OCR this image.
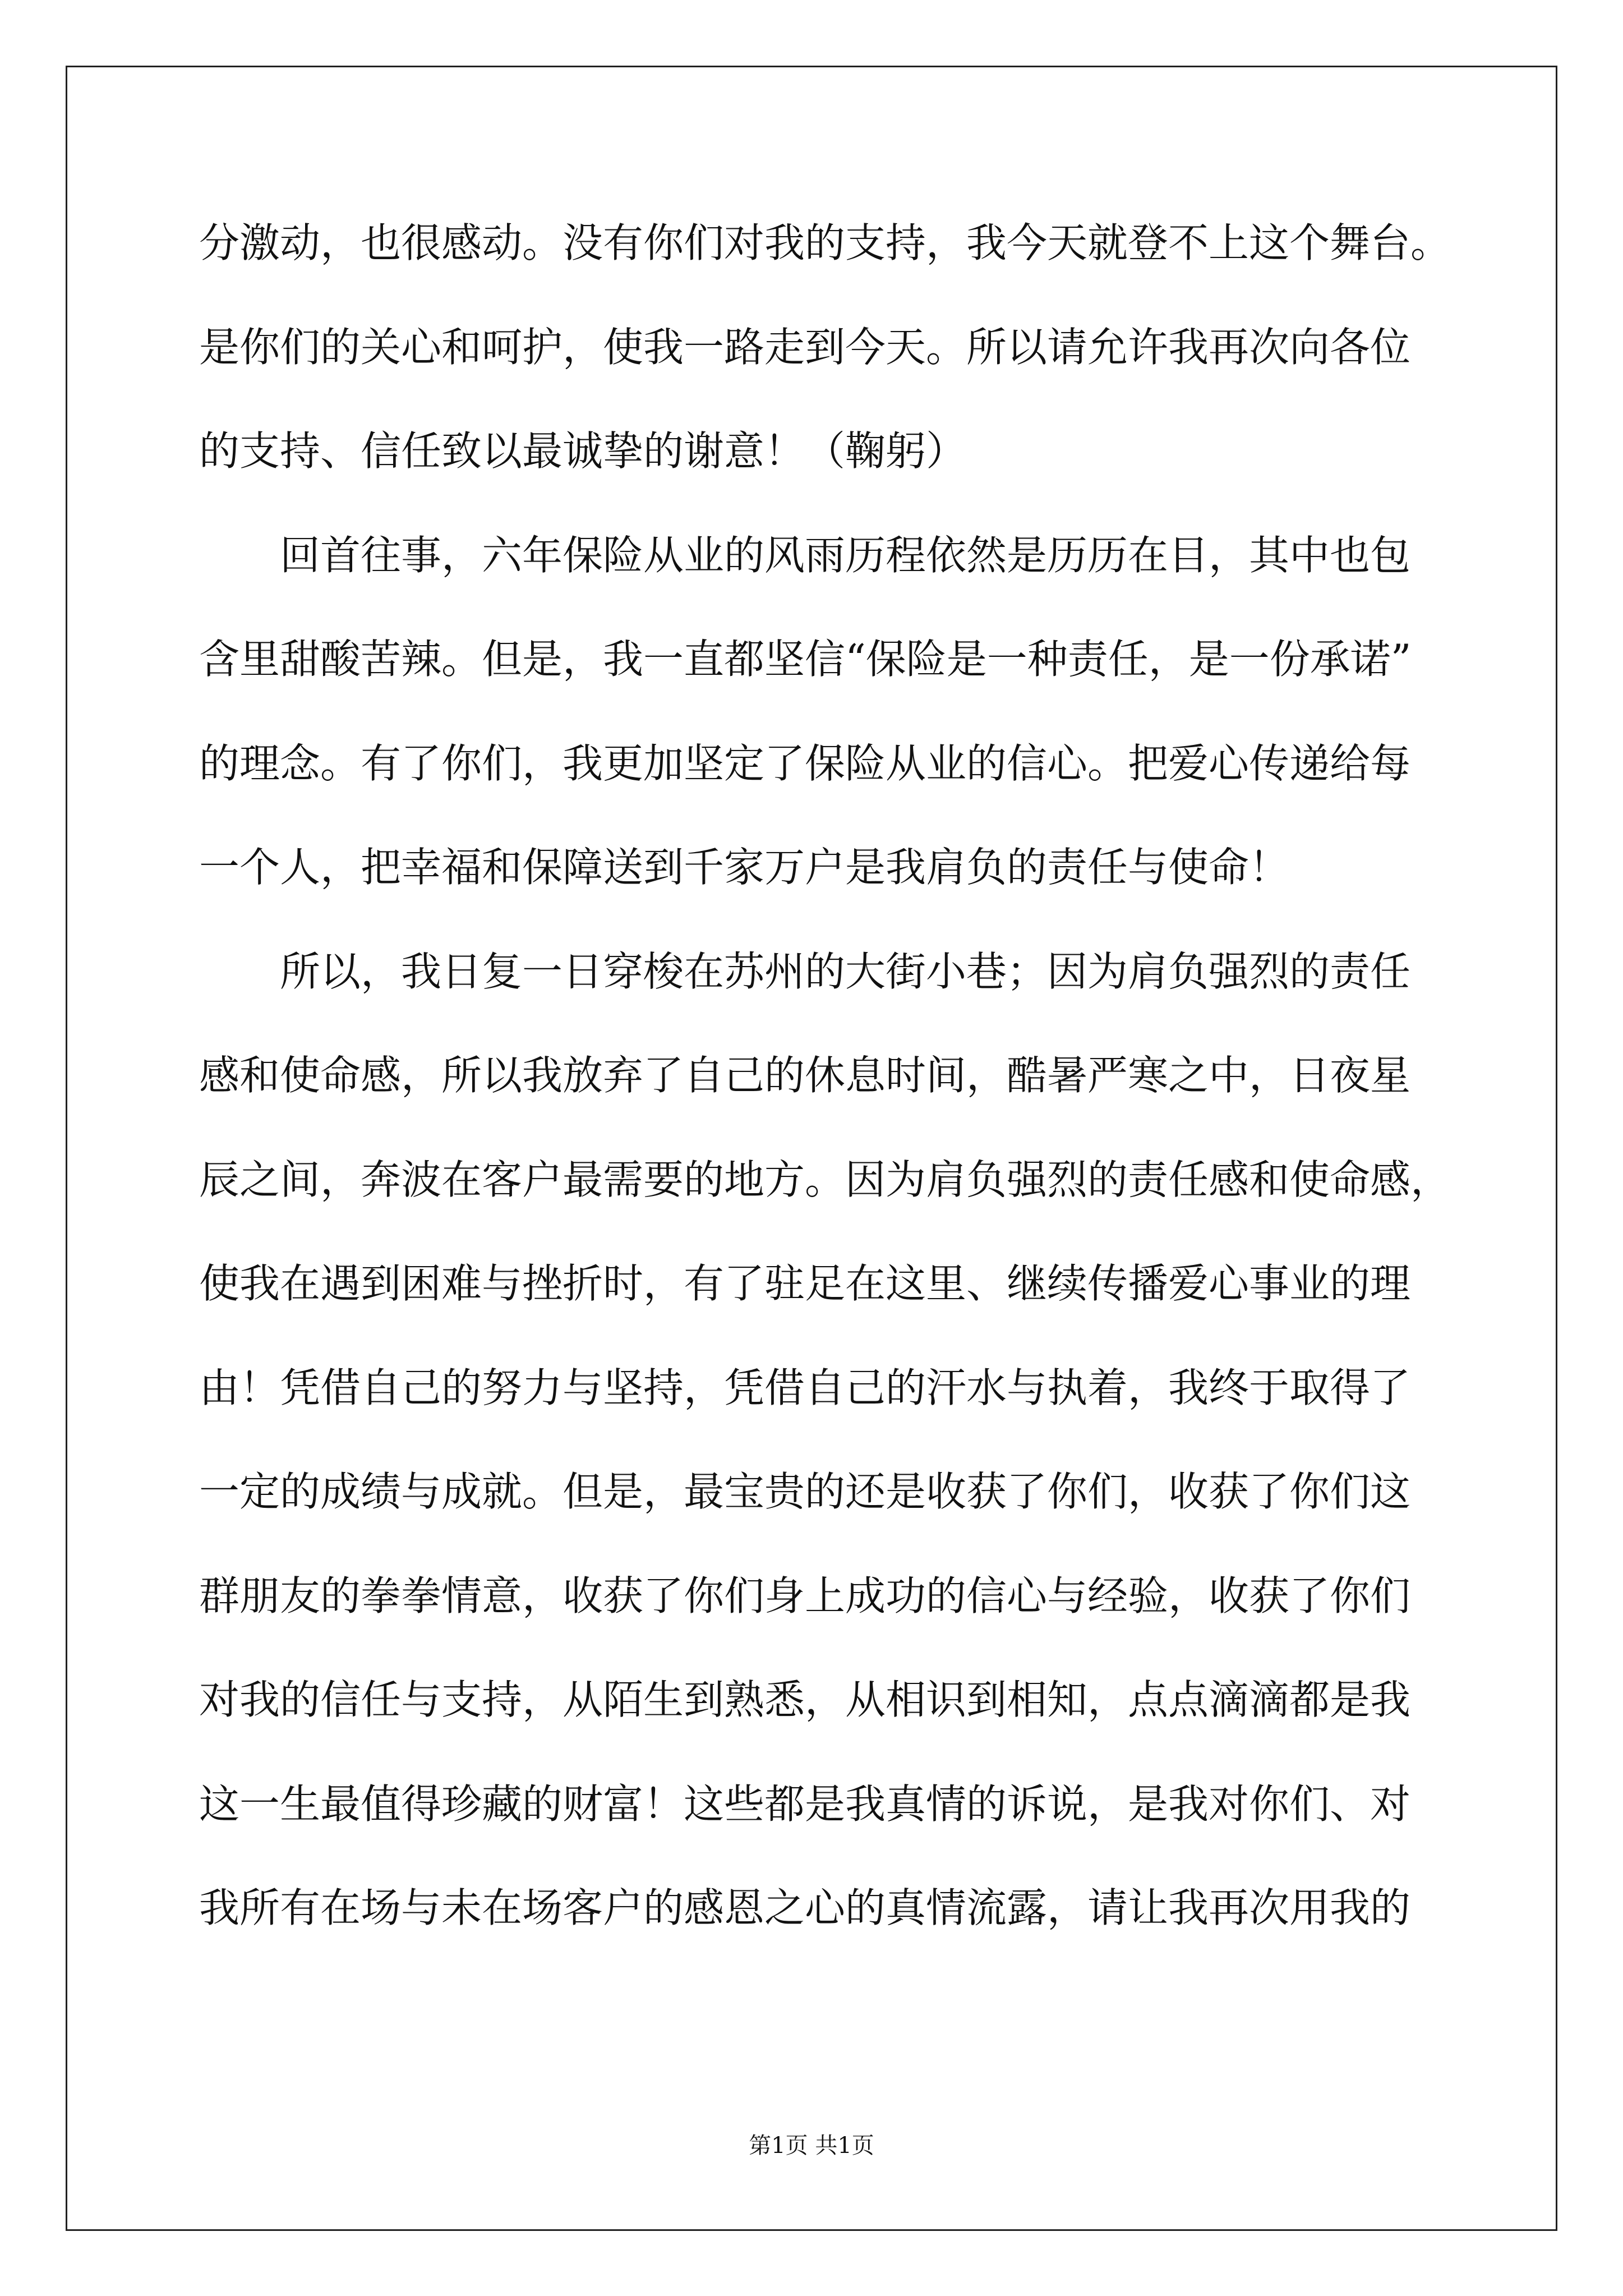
分激动，也很感动。没有你们对我的支持，我今天就登不上这个舞台。
是你们的关心和呵护，使我一路走到今天。所以请允许我再次向各位
的支持、信任致以最诚挚的谢意！（鞠躬）
回首往事，六年保险从业的风雨历程依然是历历在目，其中也包
含里甜酸苦辣。但是，我一直都坚信“保险是一种责任，是一份承诺”
的理念。有了你们，我更加坚定了保险从业的信心。把爱心传递给每
一个人，把幸福和保障送到千家万户是我肩负的责任与使命！
所以，我日复一日穿梭在苏州的大街小巷；因为肩负强烈的责任
感和使命感，所以我放弃了自己的休息时间，酷暑严寒之中，日夜星
辰之间，奔波在客户最需要的地方。因为肩负强烈的责任感和使命感，
使我在遇到困难与挫折时，有了驻足在这里、继续传播爱心事业的理
由！凭借自己的努力与坚持，凭借自己的汗水与执着，我终于取得了
一定的成绩与成就。但是，最宝贵的还是收获了你们，收获了你们这
群朋友的拳拳情意，收获了你们身上成功的信心与经验，收获了你们
对我的信任与支持，从陌生到熟悉，从相识到相知，点点滴滴都是我
这一生最值得珍藏的财富！这些都是我真情的诉说，是我对你们、对
我所有在场与未在场客户的感恩之心的真情流露，请让我再次用我的
第1页 共1页
